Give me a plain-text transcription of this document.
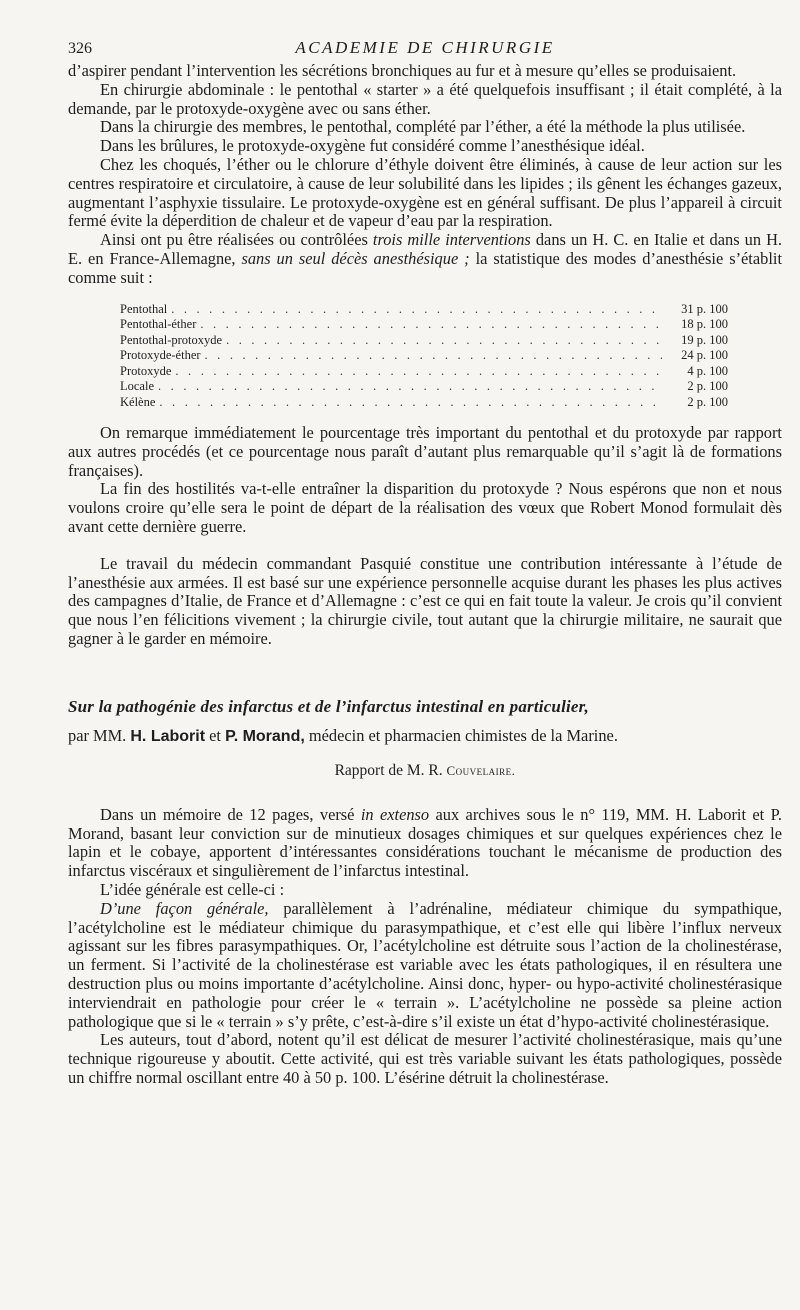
326	ACADEMIE DE CHIRURGIE

d’aspirer pendant l’intervention les sécrétions bronchiques au fur et à mesure qu’elles se produisaient.

En chirurgie abdominale : le pentothal « starter » a été quelquefois insuffisant ; il était complété, à la demande, par le protoxyde-oxygène avec ou sans éther.

Dans la chirurgie des membres, le pentothal, complété par l’éther, a été la méthode la plus utilisée.

Dans les brûlures, le protoxyde-oxygène fut considéré comme l’anesthésique idéal.

Chez les choqués, l’éther ou le chlorure d’éthyle doivent être éliminés, à cause de leur action sur les centres respiratoire et circulatoire, à cause de leur solubilité dans les lipides ; ils gênent les échanges gazeux, augmentant l’asphyxie tissulaire. Le protoxyde-oxygène est en général suffisant. De plus l’appareil à circuit fermé évite la déperdition de chaleur et de vapeur d’eau par la respiration.

Ainsi ont pu être réalisées ou contrôlées trois mille interventions dans un H. C. en Italie et dans un H. E. en France-Allemagne, sans un seul décès anesthésique ; la statistique des modes d’anesthésie s’établit comme suit :

Pentothal . . .	31 p. 100
Pentothal-éther . . .	18 p. 100
Pentothal-protoxyde . . .	19 p. 100
Protoxyde-éther . . .	24 p. 100
Protoxyde . . .	4 p. 100
Locale . . .	2 p. 100
Kélène . . .	2 p. 100

On remarque immédiatement le pourcentage très important du pentothal et du protoxyde par rapport aux autres procédés (et ce pourcentage nous paraît d’autant plus remarquable qu’il s’agit là de formations françaises).

La fin des hostilités va-t-elle entraîner la disparition du protoxyde ? Nous espérons que non et nous voulons croire qu’elle sera le point de départ de la réalisation des vœux que Robert Monod formulait dès avant cette dernière guerre.

Le travail du médecin commandant Pasquié constitue une contribution intéressante à l’étude de l’anesthésie aux armées. Il est basé sur une expérience personnelle acquise durant les phases les plus actives des campagnes d’Italie, de France et d’Allemagne : c’est ce qui en fait toute la valeur. Je crois qu’il convient que nous l’en félicitions vivement ; la chirurgie civile, tout autant que la chirurgie militaire, ne saurait que gagner à le garder en mémoire.

Sur la pathogénie des infarctus et de l’infarctus intestinal en particulier,
par MM. H. Laborit et P. Morand, médecin et pharmacien chimistes de la Marine.
Rapport de M. R. Couvelaire.

Dans un mémoire de 12 pages, versé in extenso aux archives sous le n° 119, MM. H. Laborit et P. Morand, basant leur conviction sur de minutieux dosages chimiques et sur quelques expériences chez le lapin et le cobaye, apportent d’intéressantes considérations touchant le mécanisme de production des infarctus viscéraux et singulièrement de l’infarctus intestinal.

L’idée générale est celle-ci :

D’une façon générale, parallèlement à l’adrénaline, médiateur chimique du sympathique, l’acétylcholine est le médiateur chimique du parasympathique, et c’est elle qui libère l’influx nerveux agissant sur les fibres parasympathiques. Or, l’acétylcholine est détruite sous l’action de la cholinestérase, un ferment. Si l’activité de la cholinestérase est variable avec les états pathologiques, il en résultera une destruction plus ou moins importante d’acétylcholine. Ainsi donc, hyper- ou hypo-activité cholinestérasique interviendrait en pathologie pour créer le « terrain ». L’acétylcholine ne possède sa pleine action pathologique que si le « terrain » s’y prête, c’est-à-dire s’il existe un état d’hypo-activité cholinestérasique.

Les auteurs, tout d’abord, notent qu’il est délicat de mesurer l’activité cholinestérasique, mais qu’une technique rigoureuse y aboutit. Cette activité, qui est très variable suivant les états pathologiques, possède un chiffre normal oscillant entre 40 à 50 p. 100. L’ésérine détruit la cholinestérase.
